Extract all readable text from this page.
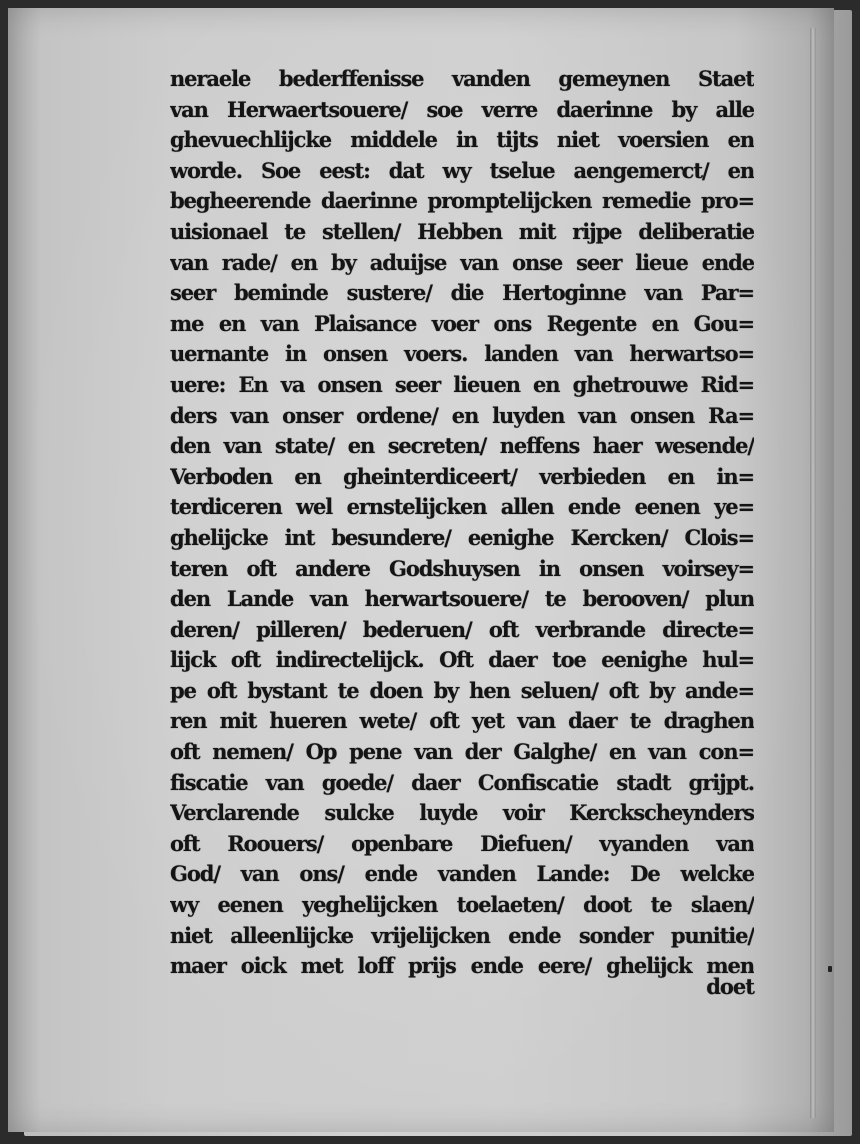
neraele bederffenisse vanden gemeynen Staet
van Herwaertsouere/ soe verre daerinne by alle
ghevuechlijcke middele in tijts niet voersien en
worde. Soe eest: dat wy tselue aengemerct/ en
begheerende daerinne promptelijcken remedie pro=
uisionael te stellen/ Hebben mit rijpe deliberatie
van rade/ en by aduijse van onse seer lieue ende
seer beminde sustere/ die Hertoginne van Par=
me en van Plaisance voer ons Regente en Gou=
uernante in onsen voers. landen van herwartso=
uere: En va onsen seer lieuen en ghetrouwe Rid=
ders van onser ordene/ en luyden van onsen Ra=
den van state/ en secreten/ neffens haer wesende/
Verboden en gheinterdiceert/ verbieden en in=
terdiceren wel ernstelijcken allen ende eenen ye=
ghelijcke int besundere/ eenighe Kercken/ Clois=
teren oft andere Godshuysen in onsen voirsey=
den Lande van herwartsouere/ te berooven/ plun
deren/ pilleren/ bederuen/ oft verbrande directe=
lijck oft indirectelijck. Oft daer toe eenighe hul=
pe oft bystant te doen by hen seluen/ oft by ande=
ren mit hueren wete/ oft yet van daer te draghen
oft nemen/ Op pene van der Galghe/ en van con=
fiscatie van goede/ daer Confiscatie stadt grijpt.
Verclarende sulcke luyde voir Kerckscheynders
oft Roouers/ openbare Diefuen/ vyanden van
God/ van ons/ ende vanden Lande: De welcke
wy eenen yeghelijcken toelaeten/ doot te slaen/
niet alleenlijcke vrijelijcken ende sonder punitie/
maer oick met loff prijs ende eere/ ghelijck men
doet
